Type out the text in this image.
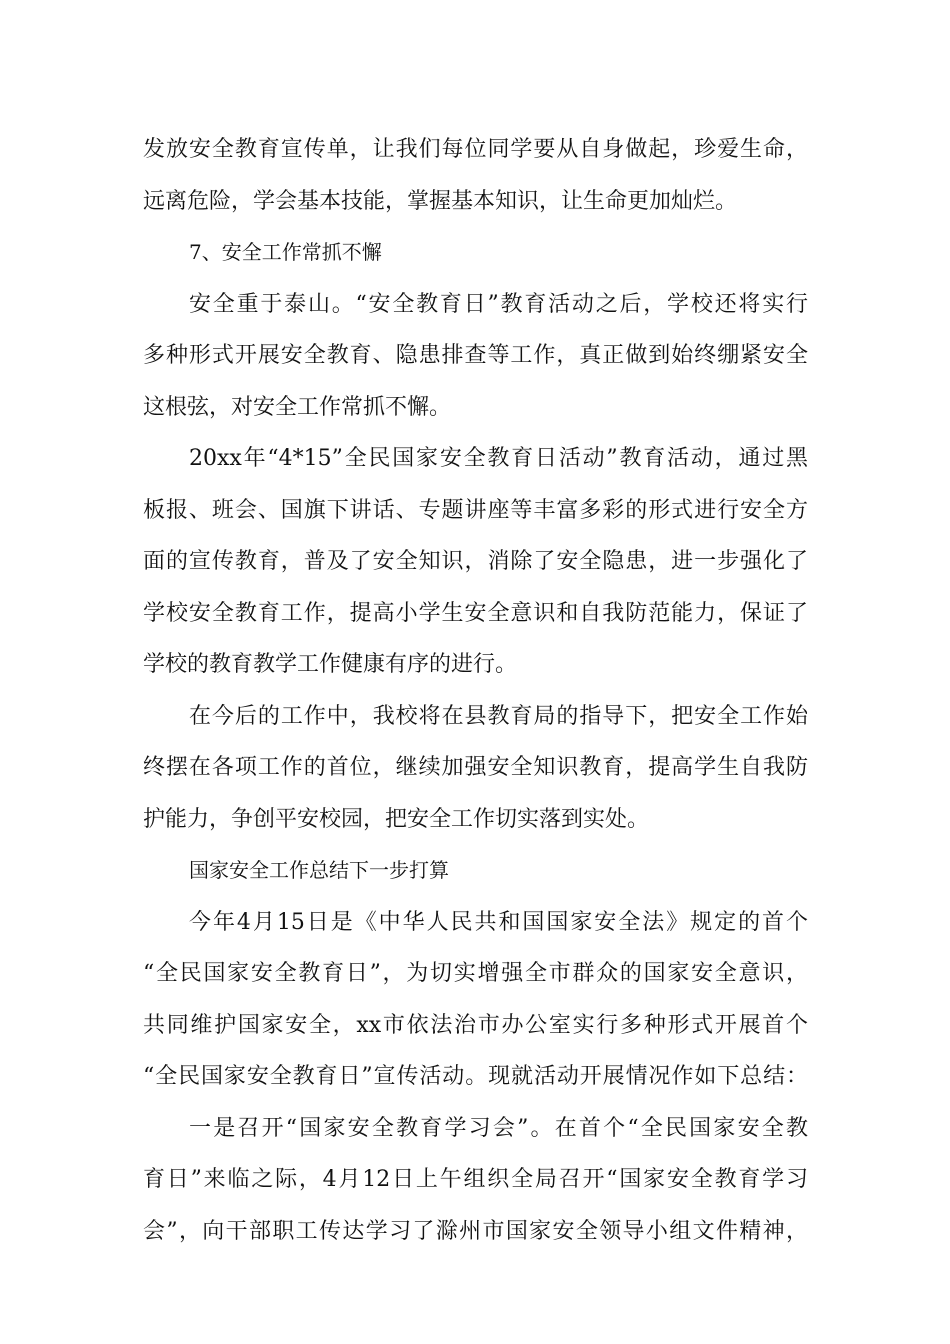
发放安全教育宣传单，让我们每位同学要从自身做起，珍爱生命，
远离危险，学会基本技能，掌握基本知识，让生命更加灿烂。
7、安全工作常抓不懈
安全重于泰山。“安全教育日”教育活动之后，学校还将实行
多种形式开展安全教育、隐患排查等工作，真正做到始终绷紧安全
这根弦，对安全工作常抓不懈。
20xx年“4*15”全民国家安全教育日活动”教育活动，通过黑
板报、班会、国旗下讲话、专题讲座等丰富多彩的形式进行安全方
面的宣传教育，普及了安全知识，消除了安全隐患，进一步强化了
学校安全教育工作，提高小学生安全意识和自我防范能力，保证了
学校的教育教学工作健康有序的进行。
在今后的工作中，我校将在县教育局的指导下，把安全工作始
终摆在各项工作的首位，继续加强安全知识教育，提高学生自我防
护能力，争创平安校园，把安全工作切实落到实处。
国家安全工作总结下一步打算
今年4月15日是《中华人民共和国国家安全法》规定的首个
“全民国家安全教育日”，为切实增强全市群众的国家安全意识，
共同维护国家安全，xx市依法治市办公室实行多种形式开展首个
“全民国家安全教育日”宣传活动。现就活动开展情况作如下总结：
一是召开“国家安全教育学习会”。在首个“全民国家安全教
育日”来临之际，4月12日上午组织全局召开“国家安全教育学习
会”，向干部职工传达学习了滁州市国家安全领导小组文件精神，
